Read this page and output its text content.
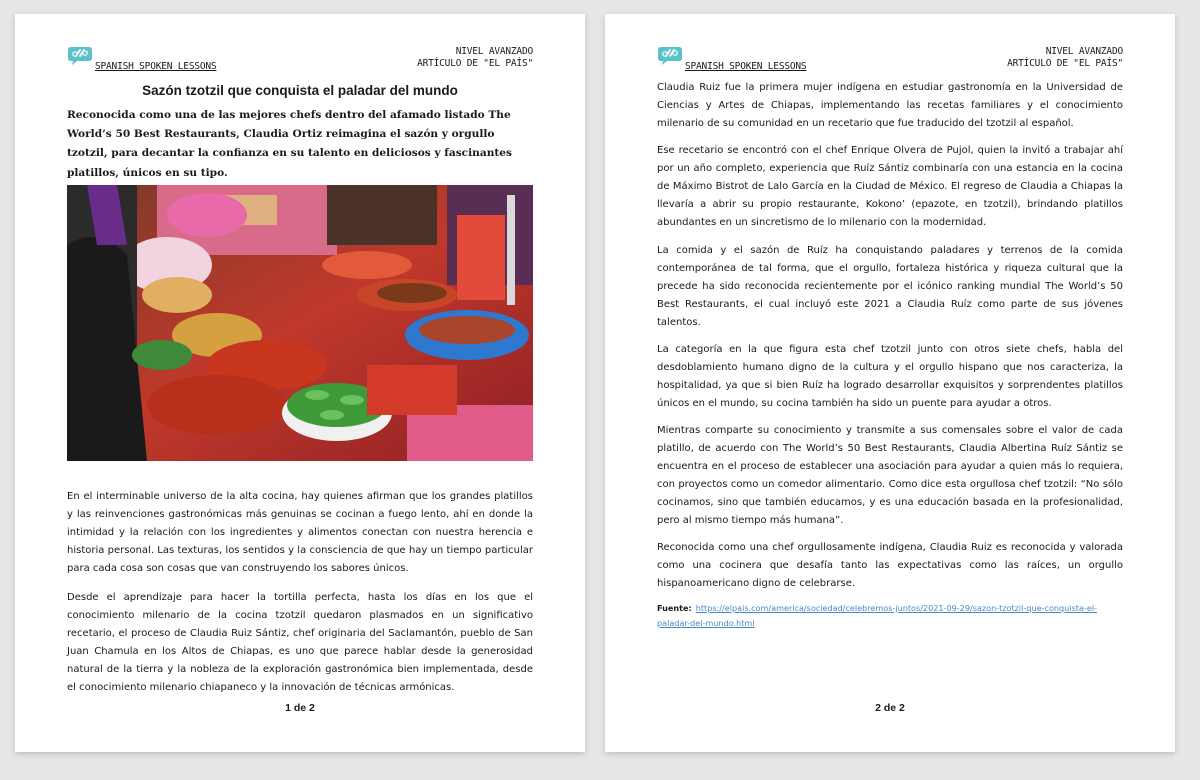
SPANISH SPOKEN LESSONS
NIVEL AVANZADO
ARTÍCULO DE "EL PAÍS"
Sazón tzotzil que conquista el paladar del mundo

Reconocida como una de las mejores chefs dentro del afamado listado The World’s 50 Best Restaurants, Claudia Ortiz reimagina el sazón y orgullo tzotzil, para decantar la confianza en su talento en deliciosos y fascinantes platillos, únicos en su tipo.

En el interminable universo de la alta cocina, hay quienes afirman que los grandes platillos y las reinvenciones gastronómicas más genuinas se cocinan a fuego lento, ahí en donde la intimidad y la relación con los ingredientes y alimentos conectan con nuestra herencia e historia personal. Las texturas, los sentidos y la consciencia de que hay un tiempo particular para cada cosa son cosas que van construyendo los sabores únicos.

Desde el aprendizaje para hacer la tortilla perfecta, hasta los días en los que el conocimiento milenario de la cocina tzotzil quedaron plasmados en un significativo recetario, el proceso de Claudia Ruiz Sántiz, chef originaria del Saclamantón, pueblo de San Juan Chamula en los Altos de Chiapas, es uno que parece hablar desde la generosidad natural de la tierra y la nobleza de la exploración gastronómica bien implementada, desde el conocimiento milenario chiapaneco y la innovación de técnicas armónicas.

1 de 2
SPANISH SPOKEN LESSONS
NIVEL AVANZADO
ARTÍCULO DE "EL PAÍS"

Claudia Ruiz fue la primera mujer indígena en estudiar gastronomía en la Universidad de Ciencias y Artes de Chiapas, implementando las recetas familiares y el conocimiento milenario de su comunidad en un recetario que fue traducido del tzotzil al español.

Ese recetario se encontró con el chef Enrique Olvera de Pujol, quien la invitó a trabajar ahí por un año completo, experiencia que Ruíz Sántiz combinaría con una estancia en la cocina de Máximo Bistrot de Lalo García en la Ciudad de México. El regreso de Claudia a Chiapas la llevaría a abrir su propio restaurante, Kokono’ (epazote, en tzotzil), brindando platillos abundantes en un sincretismo de lo milenario con la modernidad.

La comida y el sazón de Ruíz ha conquistando paladares y terrenos de la comida contemporánea de tal forma, que el orgullo, fortaleza histórica y riqueza cultural que la precede ha sido reconocida recientemente por el icónico ranking mundial The World’s 50 Best Restaurants, el cual incluyó este 2021 a Claudia Ruíz como parte de sus jóvenes talentos.

La categoría en la que figura esta chef tzotzil junto con otros siete chefs, habla del desdoblamiento humano digno de la cultura y el orgullo hispano que nos caracteriza, la hospitalidad, ya que si bien Ruíz ha logrado desarrollar exquisitos y sorprendentes platillos únicos en el mundo, su cocina también ha sido un puente para ayudar a otros.

Mientras comparte su conocimiento y transmite a sus comensales sobre el valor de cada platillo, de acuerdo con The World’s 50 Best Restaurants, Claudia Albertina Ruíz Sántiz se encuentra en el proceso de establecer una asociación para ayudar a quien más lo requiera, con proyectos como un comedor alimentario. Como dice esta orgullosa chef tzotzil: “No sólo cocinamos, sino que también educamos, y es una educación basada en la profesionalidad, pero al mismo tiempo más humana”.

Reconocida como una chef orgullosamente indígena, Claudia Ruiz es reconocida y valorada como una cocinera que desafía tanto las expectativas como las raíces, un orgullo hispanoamericano digno de celebrarse.

Fuente: https://elpais.com/america/sociedad/celebremos-juntos/2021-09-29/sazon-tzotzil-que-conquista-el-paladar-del-mundo.html
2 de 2
